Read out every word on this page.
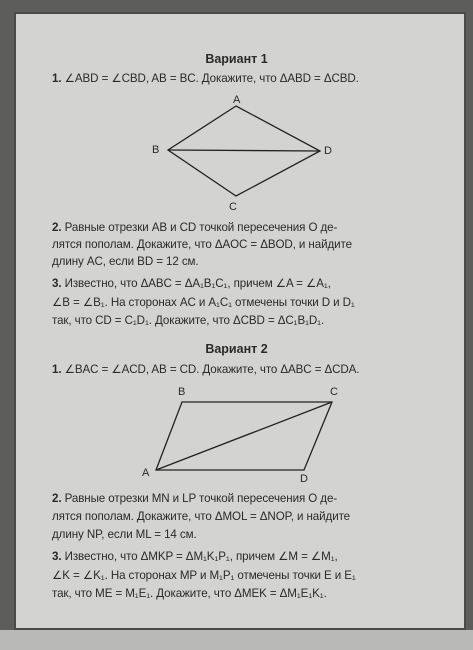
Вариант 1
1. ∠ABD = ∠CBD, AB = BC. Докажите, что ΔABD = ΔCBD.
A
B
C
D
2. Равные отрезки AB и CD точкой пересечения O де-
лятся пополам. Докажите, что ΔAOC = ΔBOD, и найдите
длину AC, если BD = 12 см.
3. Известно, что ΔABC = ΔA₁B₁C₁, причем ∠A = ∠A₁,
∠B = ∠B₁. На сторонах AC и A₁C₁ отмечены точки D и D₁
так, что CD = C₁D₁. Докажите, что ΔCBD = ΔC₁B₁D₁.
Вариант 2
1. ∠BAC = ∠ACD, AB = CD. Докажите, что ΔABC = ΔCDA.
A
B	C
D
2. Равные отрезки MN и LP точкой пересечения O де-
лятся пополам. Докажите, что ΔMOL = ΔNOP, и найдите
длину NP, если ML = 14 см.
3. Известно, что ΔMKP = ΔM₁K₁P₁, причем ∠M = ∠M₁,
∠K = ∠K₁. На сторонах MP и M₁P₁ отмечены точки E и E₁
так, что ME = M₁E₁. Докажите, что ΔMEK = ΔM₁E₁K₁.
